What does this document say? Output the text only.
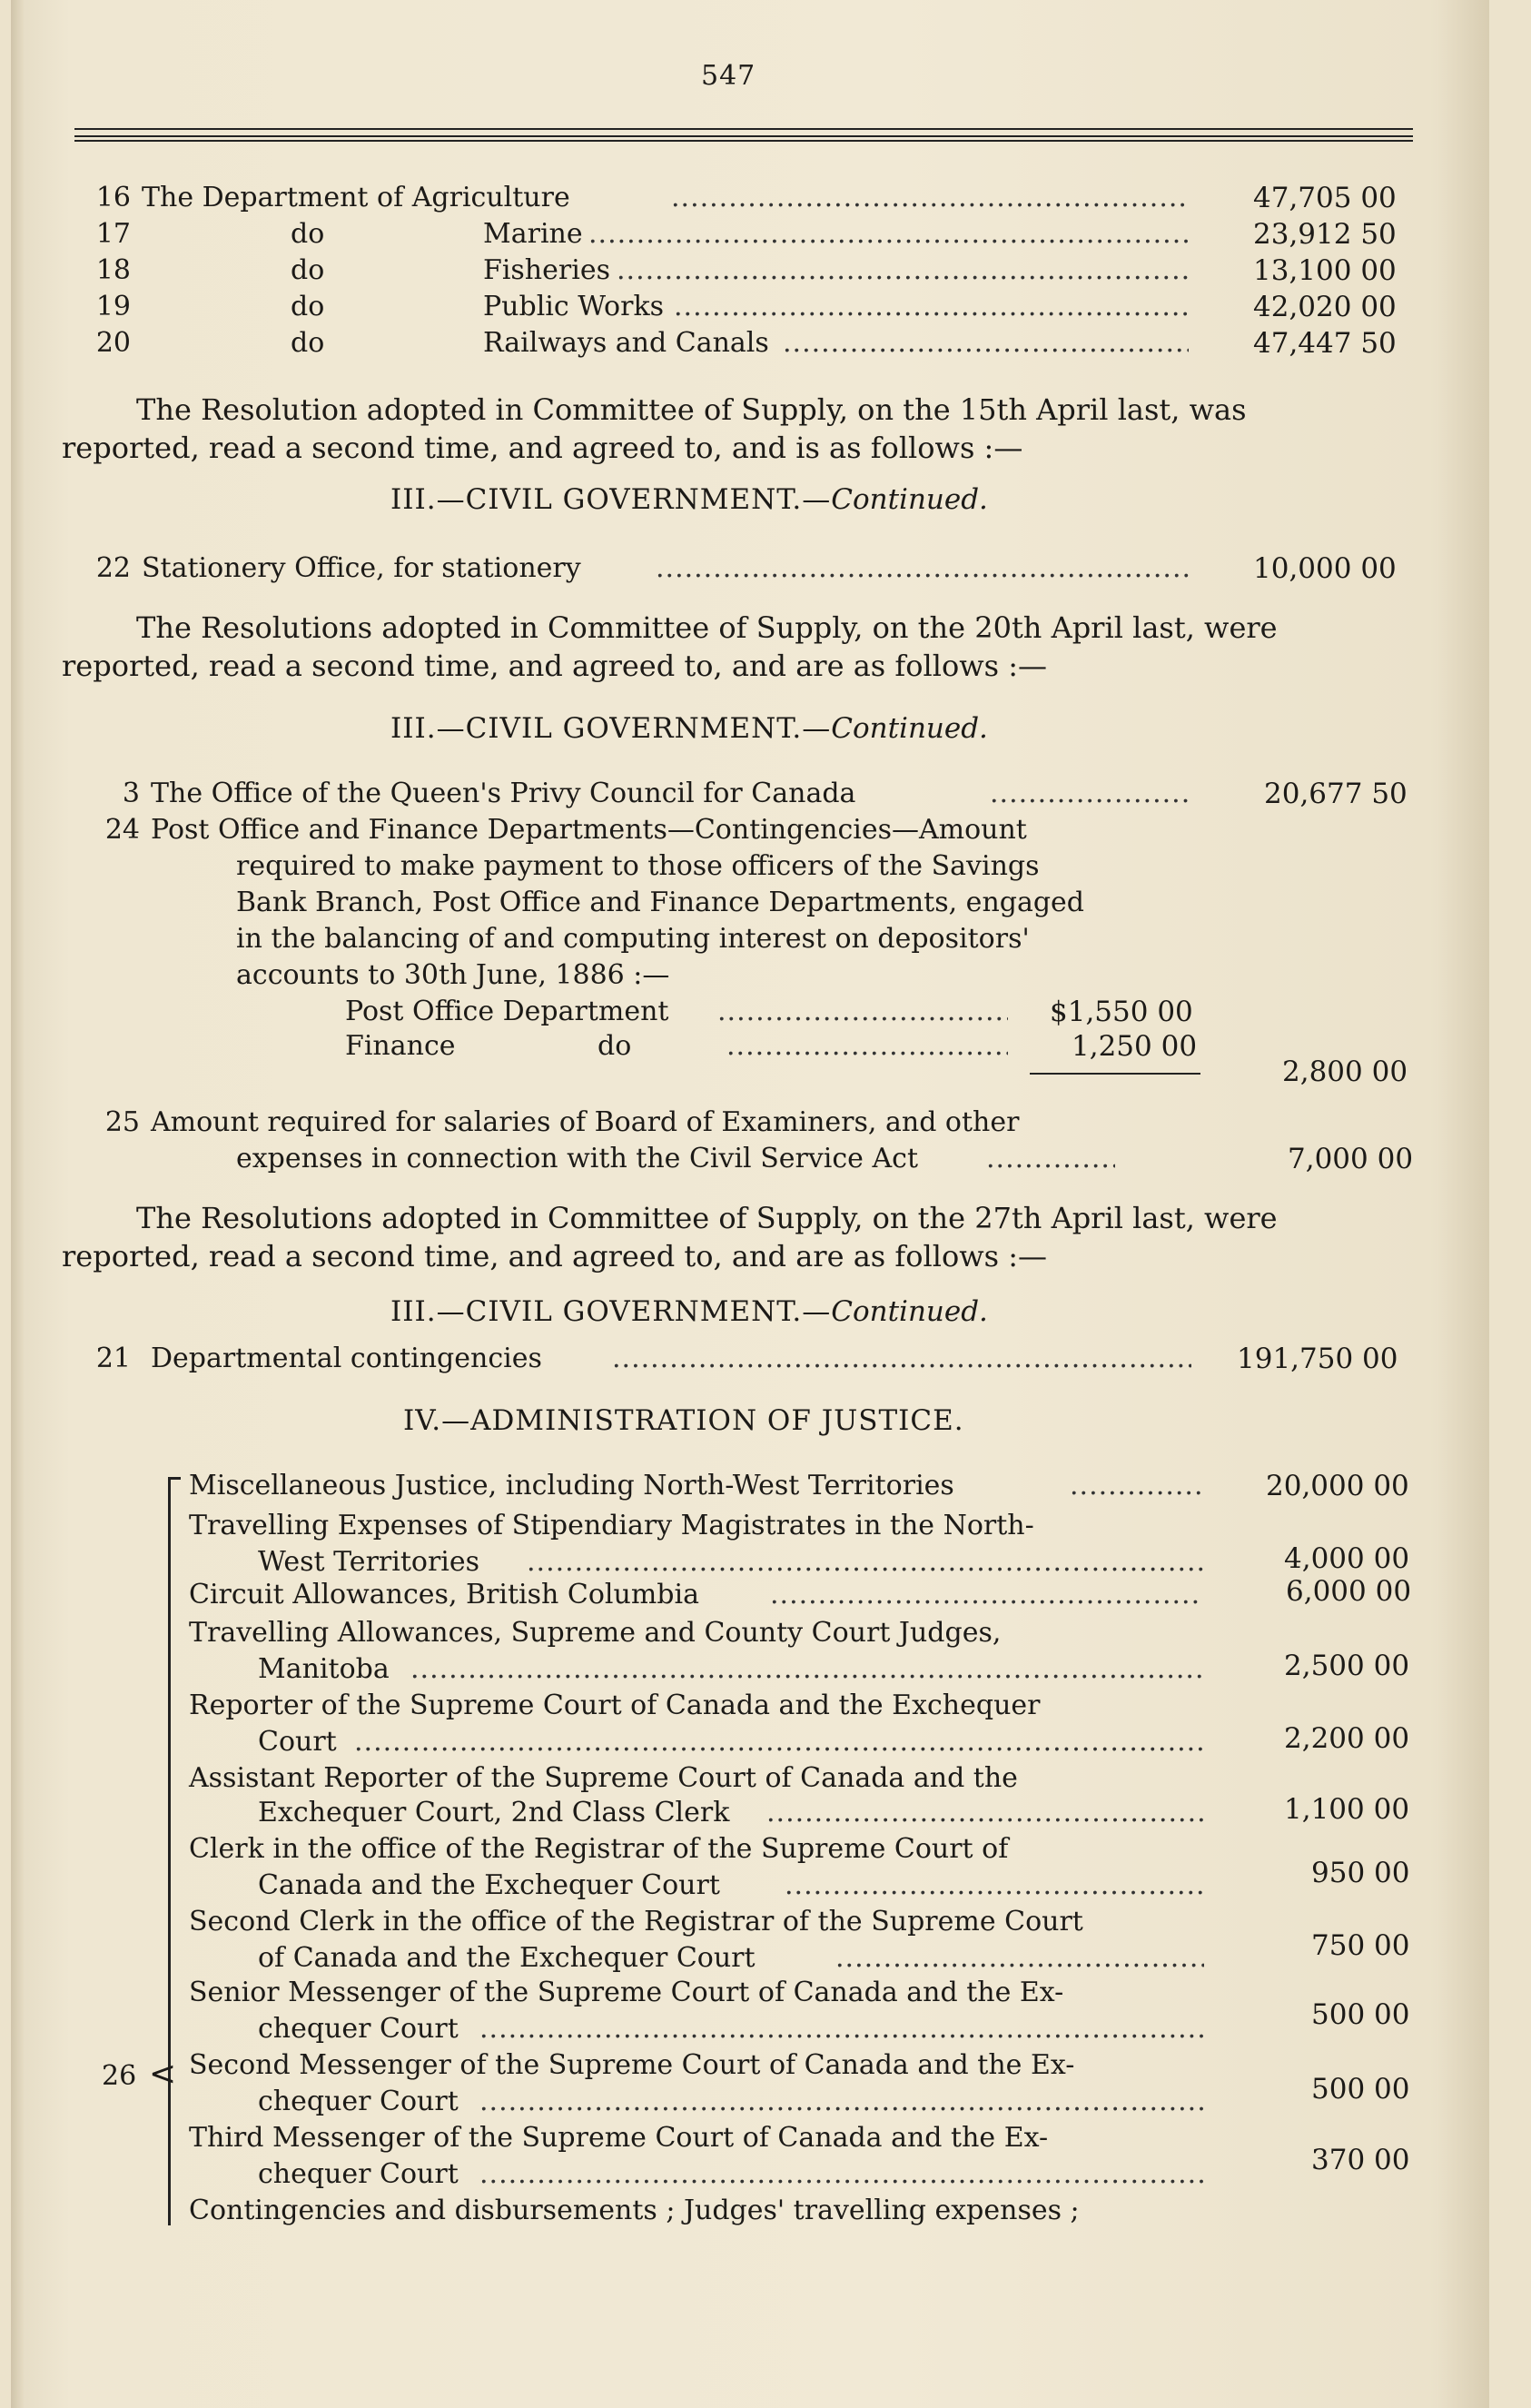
547
16 The Department of Agriculture .....	47,705 00
17	do	Marine .....	23,912 50
18	do	Fisheries .....	13,100 00
19	do	Public Works .....	42,020 00
20	do	Railways and Canals .....	47,447 50
The Resolution adopted in Committee of Supply, on the 15th April last, was
reported, read a second time, and agreed to, and is as follows :—
III.—CIVIL GOVERNMENT.—Continued.
22 Stationery Office, for stationery .....	10,000 00
The Resolutions adopted in Committee of Supply, on the 20th April last, were
reported, read a second time, and agreed to, and are as follows :—
III.—CIVIL GOVERNMENT.—Continued.
3 The Office of the Queen's Privy Council for Canada .....	20,677 50
24 Post Office and Finance Departments—Contingencies—Amount
required to make payment to those officers of the Savings
Bank Branch, Post Office and Finance Departments, engaged
in the balancing of and computing interest on depositors'
accounts to 30th June, 1886 :—
Post Office Department .....	$1,550 00
Finance	do .....	1,250 00
2,800 00
25 Amount required for salaries of Board of Examiners, and other
expenses in connection with the Civil Service Act .....	7,000 00
The Resolutions adopted in Committee of Supply, on the 27th April last, were
reported, read a second time, and agreed to, and are as follows :—
III.—CIVIL GOVERNMENT.—Continued.
21 Departmental contingencies .....	191,750 00
IV.—ADMINISTRATION OF JUSTICE.
<
26
Miscellaneous Justice, including North-West Territories .....	20,000 00
Travelling Expenses of Stipendiary Magistrates in the North-
West Territories .....	4,000 00
Circuit Allowances, British Columbia .....	6,000 00
Travelling Allowances, Supreme and County Court Judges,
Manitoba .....	2,500 00
Reporter of the Supreme Court of Canada and the Exchequer
Court .....	2,200 00
Assistant Reporter of the Supreme Court of Canada and the
Exchequer Court, 2nd Class Clerk .....	1,100 00
Clerk in the office of the Registrar of the Supreme Court of
Canada and the Exchequer Court .....	950 00
Second Clerk in the office of the Registrar of the Supreme Court
of Canada and the Exchequer Court .....	750 00
Senior Messenger of the Supreme Court of Canada and the Ex-
chequer Court .....	500 00
Second Messenger of the Supreme Court of Canada and the Ex-
chequer Court .....	500 00
Third Messenger of the Supreme Court of Canada and the Ex-
chequer Court .....	370 00
Contingencies and disbursements ; Judges' travelling expenses ;
